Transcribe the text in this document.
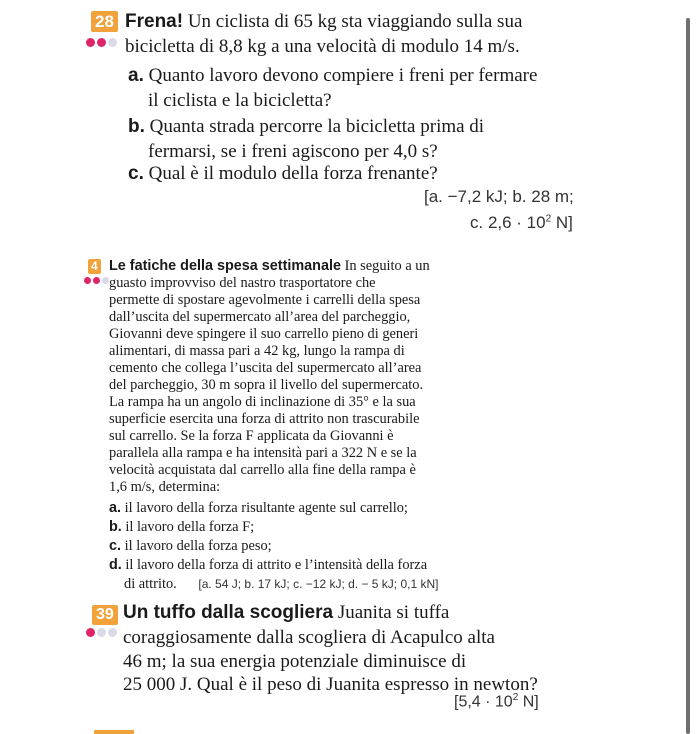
28 Frena! Un ciclista di 65 kg sta viaggiando sulla sua
bicicletta di 8,8 kg a una velocità di modulo 14 m/s.
a. Quanto lavoro devono compiere i freni per fermare
il ciclista e la bicicletta?
b. Quanta strada percorre la bicicletta prima di
fermarsi, se i freni agiscono per 4,0 s?
c. Qual è il modulo della forza frenante?
[a. −7,2 kJ; b. 28 m;
c. $2,6 \cdot 10^2$ N]
4 Le fatiche della spesa settimanale In seguito a un
guasto improvviso del nastro trasportatore che
permette di spostare agevolmente i carrelli della spesa
dall’uscita del supermercato all’area del parcheggio,
Giovanni deve spingere il suo carrello pieno di generi
alimentari, di massa pari a 42 kg, lungo la rampa di
cemento che collega l’uscita del supermercato all’area
del parcheggio, 30 m sopra il livello del supermercato.
La rampa ha un angolo di inclinazione di 35° e la sua
superficie esercita una forza di attrito non trascurabile
sul carrello. Se la forza F applicata da Giovanni è
parallela alla rampa e ha intensità pari a 322 N e se la
velocità acquistata dal carrello alla fine della rampa è
1,6 m/s, determina:
a. il lavoro della forza risultante agente sul carrello;
b. il lavoro della forza F;
c. il lavoro della forza peso;
d. il lavoro della forza di attrito e l’intensità della forza
di attrito. [a. 54 J; b. 17 kJ; c. −12 kJ; d. − 5 kJ; 0,1 kN]
39 Un tuffo dalla scogliera Juanita si tuffa
coraggiosamente dalla scogliera di Acapulco alta
46 m; la sua energia potenziale diminuisce di
25 000 J. Qual è il peso di Juanita espresso in newton?
[$5,4 \cdot 10^2$ N]
